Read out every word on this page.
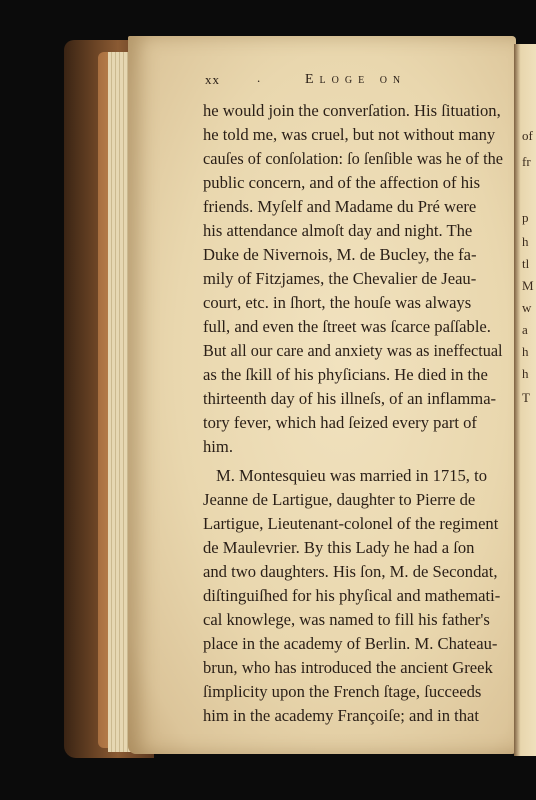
of
fr
p
h
tl
M
w
a
h
h
T
xx	.	Eloge on
he would join the converſation. His ſituation,
he told me, was cruel, but not without many
cauſes of conſolation: ſo ſenſible was he of the
public concern, and of the affection of his
friends. Myſelf and Madame du Pré were
his attendance almoſt day and night. The
Duke de Nivernois, M. de Bucley, the fa-
mily of Fitzjames, the Chevalier de Jeau-
court, etc. in ſhort, the houſe was always
full, and even the ſtreet was ſcarce paſſable.
But all our care and anxiety was as ineffectual
as the ſkill of his phyſicians. He died in the
thirteenth day of his illneſs, of an inflamma-
tory fever, which had ſeized every part of
him.
M. Montesquieu was married in 1715, to
Jeanne de Lartigue, daughter to Pierre de
Lartigue, Lieutenant-colonel of the regiment
de Maulevrier. By this Lady he had a ſon
and two daughters. His ſon, M. de Secondat,
diſtinguiſhed for his phyſical and mathemati-
cal knowlege, was named to fill his father's
place in the academy of Berlin. M. Chateau-
brun, who has introduced the ancient Greek
ſimplicity upon the French ſtage, ſucceeds
him in the academy Françoiſe; and in that
